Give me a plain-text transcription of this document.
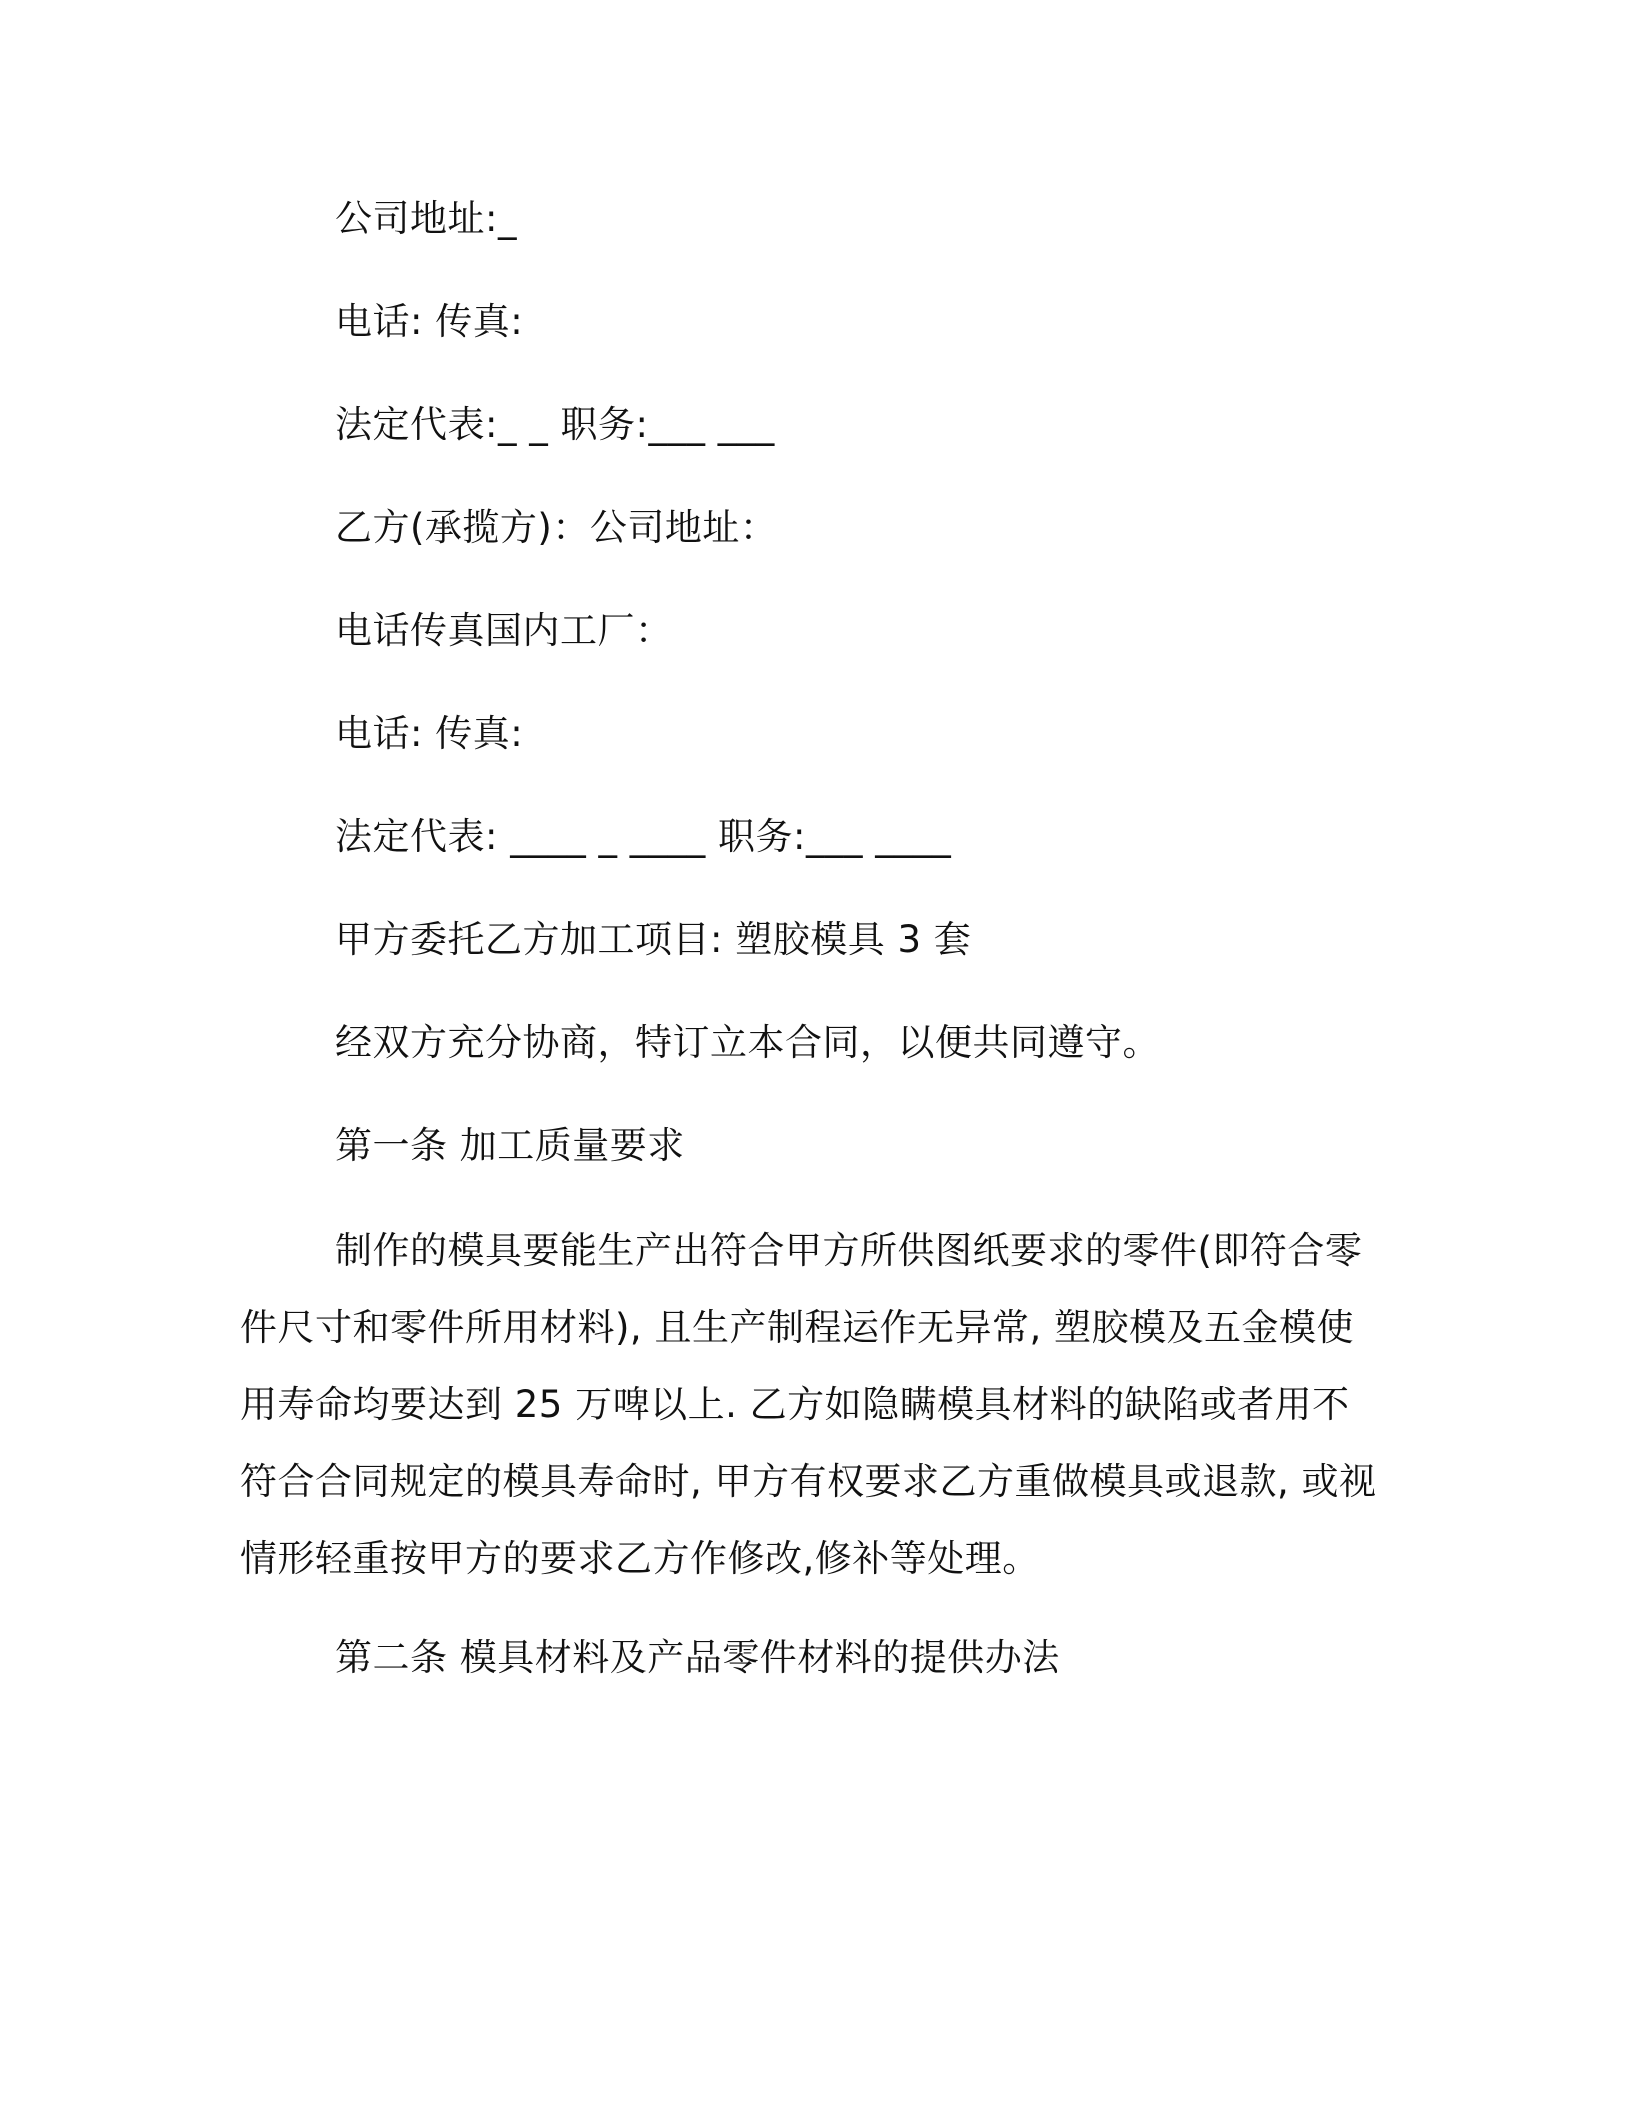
公司地址:_
电话: 传真:
法定代表:_ _ 职务:___ ___
乙方(承揽方)：公司地址：
电话传真国内工厂：
电话: 传真:
法定代表: ____ _ ____ 职务:___ ____
甲方委托乙方加工项目: 塑胶模具 3 套
经双方充分协商，特订立本合同，以便共同遵守。
第一条 加工质量要求
制作的模具要能生产出符合甲方所供图纸要求的零件(即符合零件尺寸和零件所用材料), 且生产制程运作无异常, 塑胶模及五金模使用寿命均要达到 25 万啤以上. 乙方如隐瞒模具材料的缺陷或者用不符合合同规定的模具寿命时, 甲方有权要求乙方重做模具或退款, 或视情形轻重按甲方的要求乙方作修改,修补等处理。
第二条 模具材料及产品零件材料的提供办法
